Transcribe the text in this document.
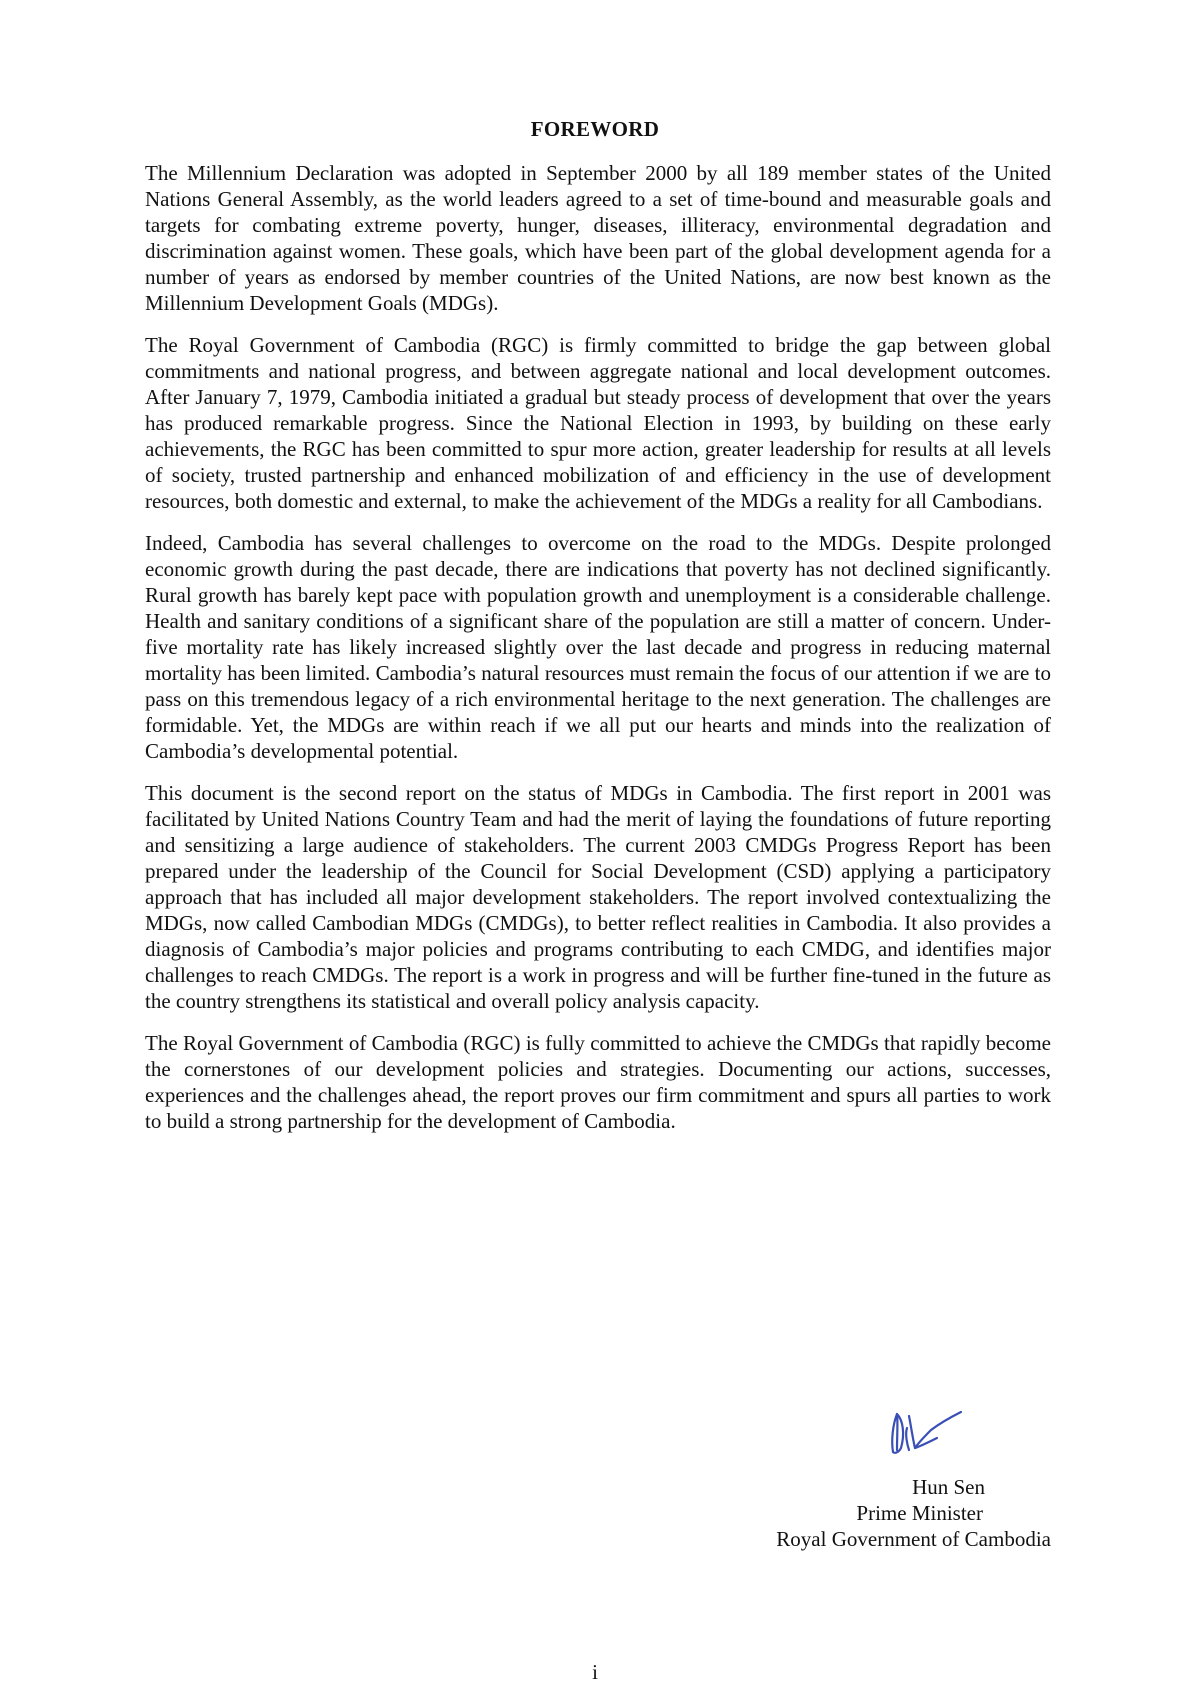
FOREWORD

The Millennium Declaration was adopted in September 2000 by all 189 member states of the United Nations General Assembly, as the world leaders agreed to a set of time-bound and measurable goals and targets for combating extreme poverty, hunger, diseases, illiteracy, environmental degradation and discrimination against women. These goals, which have been part of the global development agenda for a number of years as endorsed by member countries of the United Nations, are now best known as the Millennium Development Goals (MDGs).

The Royal Government of Cambodia (RGC) is firmly committed to bridge the gap between global commitments and national progress, and between aggregate national and local development outcomes. After January 7, 1979, Cambodia initiated a gradual but steady process of development that over the years has produced remarkable progress. Since the National Election in 1993, by building on these early achievements, the RGC has been committed to spur more action, greater leadership for results at all levels of society, trusted partnership and enhanced mobilization of and efficiency in the use of development resources, both domestic and external, to make the achievement of the MDGs a reality for all Cambodians.

Indeed, Cambodia has several challenges to overcome on the road to the MDGs. Despite prolonged economic growth during the past decade, there are indications that poverty has not declined significantly. Rural growth has barely kept pace with population growth and unemployment is a considerable challenge. Health and sanitary conditions of a significant share of the population are still a matter of concern. Under-five mortality rate has likely increased slightly over the last decade and progress in reducing maternal mortality has been limited. Cambodia’s natural resources must remain the focus of our attention if we are to pass on this tremendous legacy of a rich environmental heritage to the next generation. The challenges are formidable. Yet, the MDGs are within reach if we all put our hearts and minds into the realization of Cambodia’s developmental potential.

This document is the second report on the status of MDGs in Cambodia. The first report in 2001 was facilitated by United Nations Country Team and had the merit of laying the foundations of future reporting and sensitizing a large audience of stakeholders. The current 2003 CMDGs Progress Report has been prepared under the leadership of the Council for Social Development (CSD) applying a participatory approach that has included all major development stakeholders. The report involved contextualizing the MDGs, now called Cambodian MDGs (CMDGs), to better reflect realities in Cambodia. It also provides a diagnosis of Cambodia’s major policies and programs contributing to each CMDG, and identifies major challenges to reach CMDGs. The report is a work in progress and will be further fine-tuned in the future as the country strengthens its statistical and overall policy analysis capacity.

The Royal Government of Cambodia (RGC) is fully committed to achieve the CMDGs that rapidly become the cornerstones of our development policies and strategies. Documenting our actions, successes, experiences and the challenges ahead, the report proves our firm commitment and spurs all parties to work to build a strong partnership for the development of Cambodia.

Hun Sen
Prime Minister
Royal Government of Cambodia
i
